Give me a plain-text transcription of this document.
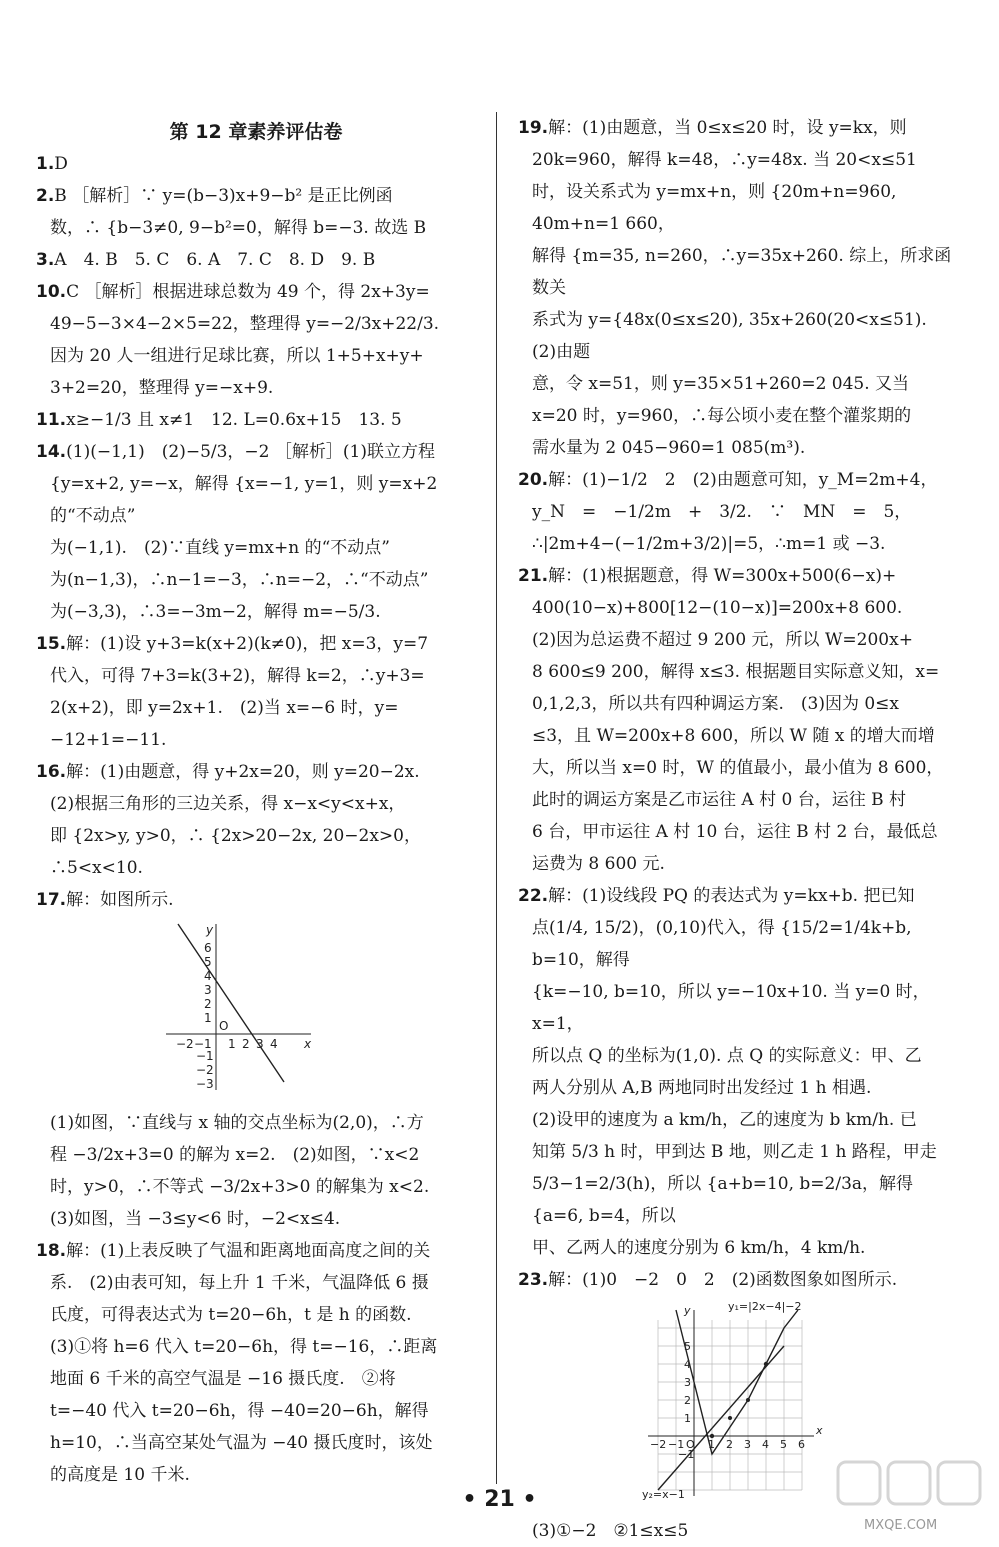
第 12 章素养评估卷

1.D

2.B ［解析］∵ y=(b−3)x+9−b² 是正比例函

数，∴ {b−3≠0, 9−b²=0，解得 b=−3. 故选 B

3.A　4. B　5. C　6. A　7. C　8. D　9. B

10.C ［解析］根据进球总数为 49 个，得 2x+3y=

49−5−3×4−2×5=22，整理得 y=−2/3x+22/3.

因为 20 人一组进行足球比赛，所以 1+5+x+y+

3+2=20，整理得 y=−x+9.

11.x≥−1/3 且 x≠1　12. L=0.6x+15　13. 5

14.(1)(−1,1)　(2)−5/3，−2 ［解析］(1)联立方程

{y=x+2, y=−x，解得 {x=−1, y=1，则 y=x+2 的“不动点”

为(−1,1).　(2)∵直线 y=mx+n 的“不动点”

为(n−1,3)，∴n−1=−3，∴n=−2，∴“不动点”

为(−3,3)，∴3=−3m−2，解得 m=−5/3.

15.解：(1)设 y+3=k(x+2)(k≠0)，把 x=3，y=7

代入，可得 7+3=k(3+2)，解得 k=2，∴y+3=

2(x+2)，即 y=2x+1.　(2)当 x=−6 时，y=

−12+1=−11.

16.解：(1)由题意，得 y+2x=20，则 y=20−2x.

(2)根据三角形的三边关系，得 x−x<y<x+x，

即 {2x>y, y>0，∴ {2x>20−2x, 20−2x>0，∴5<x<10.

17.解：如图所示.

x
y
O
−2 −1 1 2 3 4
6
5
4
3
2
1
−1
−2
−3

(1)如图，∵直线与 x 轴的交点坐标为(2,0)，∴方

程 −3/2x+3=0 的解为 x=2.　(2)如图，∵x<2

时，y>0，∴不等式 −3/2x+3>0 的解集为 x<2.

(3)如图，当 −3≤y<6 时，−2<x≤4.

18.解：(1)上表反映了气温和距离地面高度之间的关

系.　(2)由表可知，每上升 1 千米，气温降低 6 摄

氏度，可得表达式为 t=20−6h，t 是 h 的函数.

(3)①将 h=6 代入 t=20−6h，得 t=−16，∴距离

地面 6 千米的高空气温是 −16 摄氏度.　②将

t=−40 代入 t=20−6h，得 −40=20−6h，解得

h=10，∴当高空某处气温为 −40 摄氏度时，该处

的高度是 10 千米.

19.解：(1)由题意，当 0≤x≤20 时，设 y=kx，则

20k=960，解得 k=48，∴y=48x. 当 20<x≤51

时，设关系式为 y=mx+n，则 {20m+n=960, 40m+n=1 660，

解得 {m=35, n=260，∴y=35x+260. 综上，所求函数关

系式为 y={48x(0≤x≤20), 35x+260(20<x≤51).　(2)由题

意，令 x=51，则 y=35×51+260=2 045. 又当

x=20 时，y=960，∴每公顷小麦在整个灌浆期的

需水量为 2 045−960=1 085(m³).

20.解：(1)−1/2　2　(2)由题意可知，y_M=2m+4，

y_N　=　−1/2m　+　3/2.　∵　MN　=　5，

∴|2m+4−(−1/2m+3/2)|=5，∴m=1 或 −3.

21.解：(1)根据题意，得 W=300x+500(6−x)+

400(10−x)+800[12−(10−x)]=200x+8 600.

(2)因为总运费不超过 9 200 元，所以 W=200x+

8 600≤9 200，解得 x≤3. 根据题目实际意义知，x=

0,1,2,3，所以共有四种调运方案.　(3)因为 0≤x

≤3，且 W=200x+8 600，所以 W 随 x 的增大而增

大，所以当 x=0 时，W 的值最小，最小值为 8 600，

此时的调运方案是乙市运往 A 村 0 台，运往 B 村

6 台，甲市运往 A 村 10 台，运往 B 村 2 台，最低总

运费为 8 600 元.

22.解：(1)设线段 PQ 的表达式为 y=kx+b. 把已知

点(1/4, 15/2)，(0,10)代入，得 {15/2=1/4k+b, b=10，解得

{k=−10, b=10，所以 y=−10x+10. 当 y=0 时，x=1，

所以点 Q 的坐标为(1,0). 点 Q 的实际意义：甲、乙

两人分别从 A,B 两地同时出发经过 1 h 相遇.

(2)设甲的速度为 a km/h，乙的速度为 b km/h. 已

知第 5/3 h 时，甲到达 B 地，则乙走 1 h 路程，甲走

5/3−1=2/3(h)，所以 {a+b=10, b=2/3a，解得 {a=6, b=4，所以

甲、乙两人的速度分别为 6 km/h，4 km/h.

23.解：(1)0　−2　0　2　(2)函数图象如图所示.

y₁=|2x−4|−2
y₂=x−1
x
y
O
−2 −1 1 2 3 4 5 6
5
4
3
2
1
−1

(3)①−2　②1≤x≤5

• 21 •
MXQE.COM
